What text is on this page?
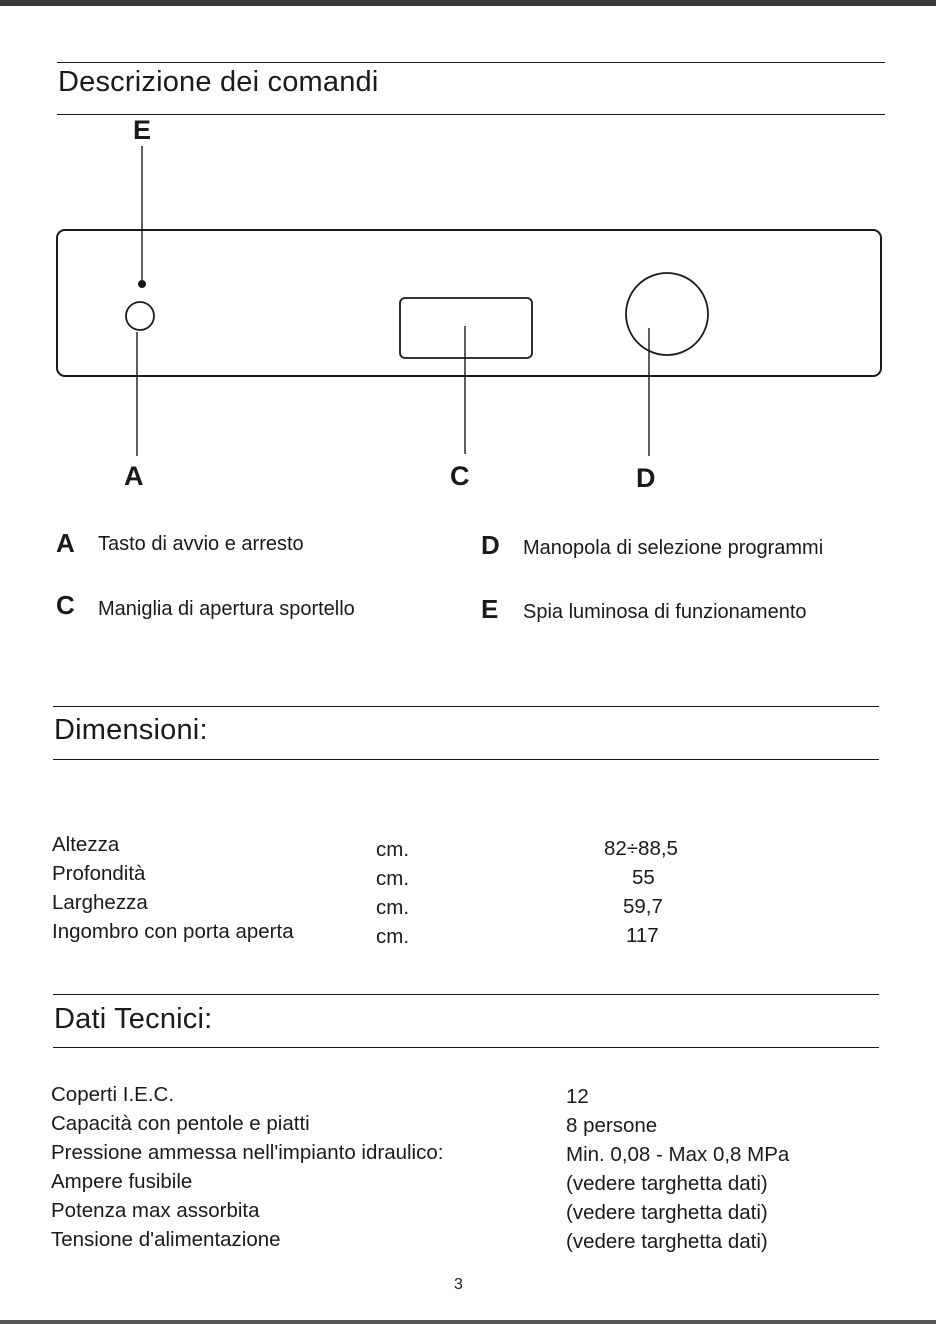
Descrizione dei comandi
E
A	C	D
A Tasto di avvio e arresto
C Maniglia di apertura sportello
D Manopola di selezione programmi
E Spia luminosa di funzionamento
Dimensioni:
Altezza	cm.	82÷88,5
Profondità	cm.	55
Larghezza	cm.	59,7
Ingombro con porta aperta	cm.	117
Dati Tecnici:
Coperti I.E.C.	12
Capacità con pentole e piatti	8 persone
Pressione ammessa nell'impianto idraulico:	Min. 0,08 - Max 0,8 MPa
Ampere fusibile	(vedere targhetta dati)
Potenza max assorbita	(vedere targhetta dati)
Tensione d'alimentazione	(vedere targhetta dati)
3
